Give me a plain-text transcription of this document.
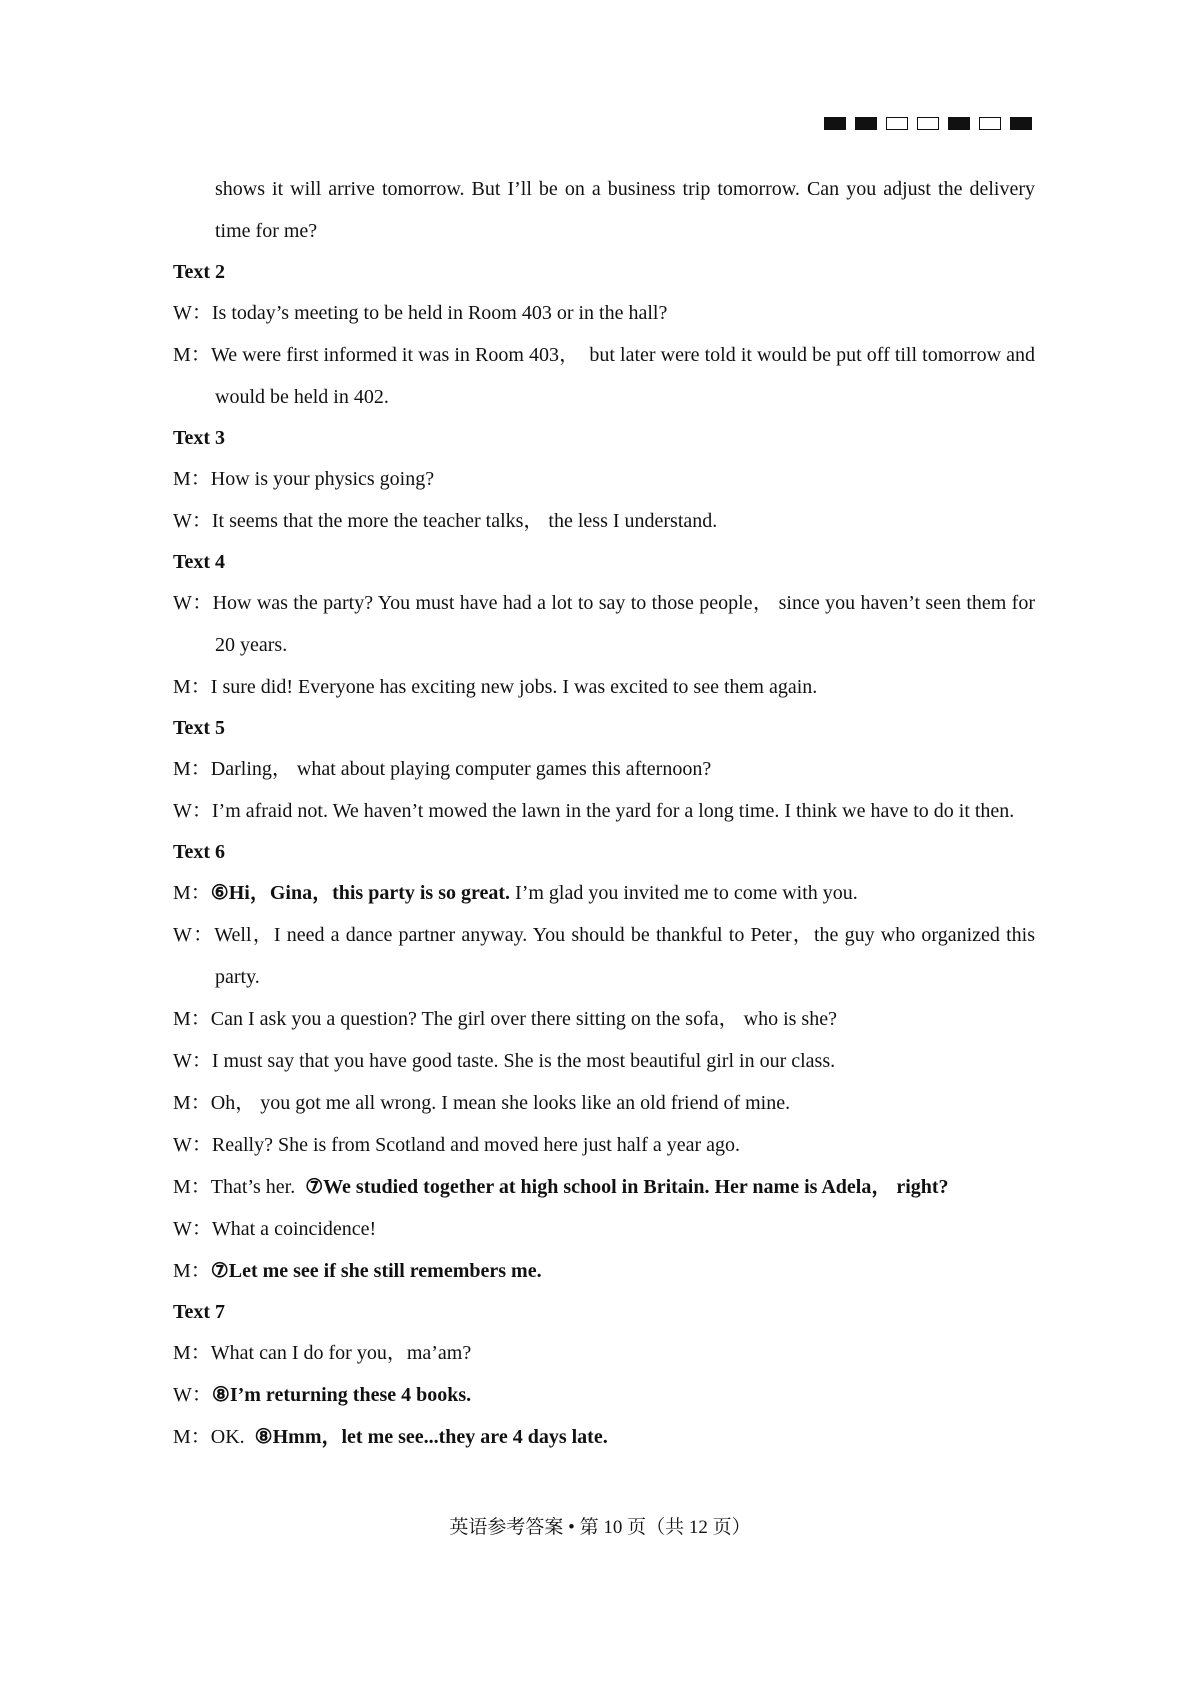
shows it will arrive tomorrow. But I’ll be on a business trip tomorrow. Can you adjust the delivery time for me?
Text 2
W：Is today’s meeting to be held in Room 403 or in the hall?
M：We were first informed it was in Room 403，  but later were told it would be put off till tomorrow and would be held in 402.
Text 3
M：How is your physics going?
W：It seems that the more the teacher talks， the less I understand.
Text 4
W：How was the party? You must have had a lot to say to those people， since you haven’t seen them for 20 years.
M：I sure did! Everyone has exciting new jobs. I was excited to see them again.
Text 5
M：Darling， what about playing computer games this afternoon?
W：I’m afraid not. We haven’t mowed the lawn in the yard for a long time. I think we have to do it then.
Text 6
M：⑥Hi，Gina，this party is so great. I’m glad you invited me to come with you.
W：Well，I need a dance partner anyway. You should be thankful to Peter，the guy who organized this party.
M：Can I ask you a question? The girl over there sitting on the sofa， who is she?
W：I must say that you have good taste. She is the most beautiful girl in our class.
M：Oh， you got me all wrong. I mean she looks like an old friend of mine.
W：Really? She is from Scotland and moved here just half a year ago.
M：That’s her.  ⑦We studied together at high school in Britain. Her name is Adela， right?
W：What a coincidence!
M：⑦Let me see if she still remembers me.
Text 7
M：What can I do for you，ma’am?
W：⑧I’m returning these 4 books.
M：OK.  ⑧Hmm，let me see...they are 4 days late.
英语参考答案 • 第 10 页（共 12 页）
